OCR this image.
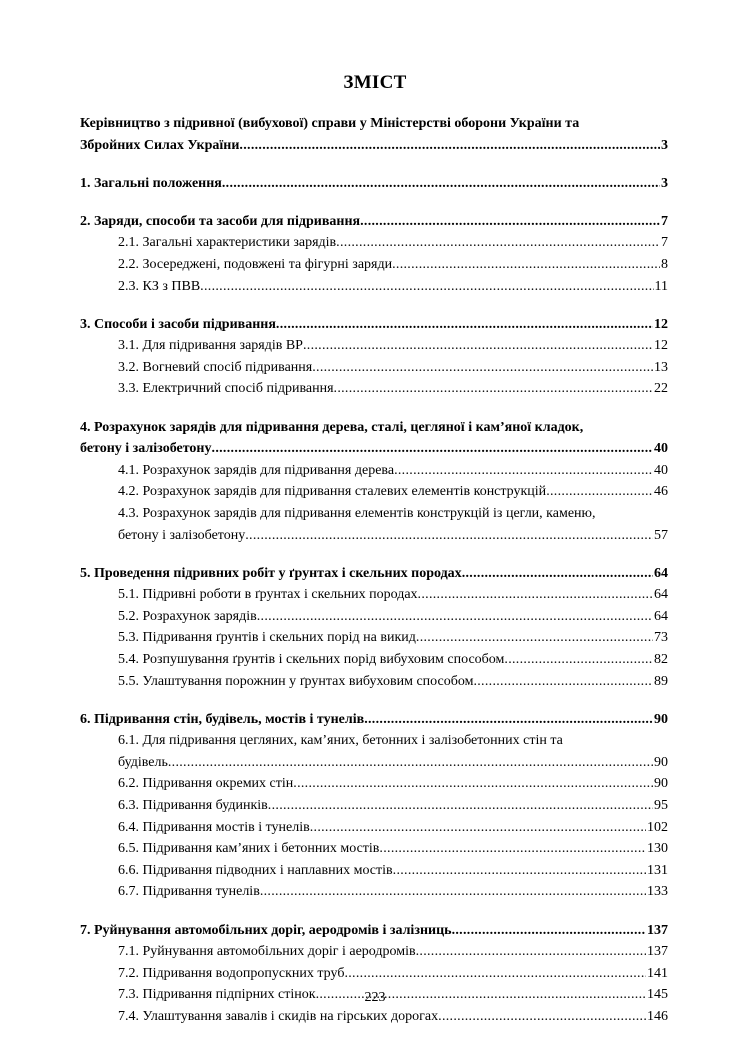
ЗМІСТ
Керівництво з підривної (вибухової) справи у Міністерстві оборони України та
Збройних Силах України . . .	3
1. Загальні положення . . .	3
2. Заряди, способи та засоби для підривання . . .	7
2.1. Загальні характеристики зарядів . . .	7
2.2. Зосереджені, подовжені та фігурні заряди . . .	8
2.3. КЗ з ПВВ . . .	11
3. Способи і засоби підривання . . .	12
3.1. Для підривання зарядів ВР . . .	12
3.2. Вогневий спосіб підривання . . .	13
3.3. Електричний спосіб підривання . . .	22
4. Розрахунок зарядів для підривання дерева, сталі, цегляної і кам’яної кладок,
бетону і залізобетону . . .	40
4.1. Розрахунок зарядів для підривання дерева . . .	40
4.2. Розрахунок зарядів для підривання сталевих елементів конструкцій . . .	46
4.3. Розрахунок зарядів для підривання елементів конструкцій із цегли, каменю,
бетону і залізобетону . . .	57
5. Проведення підривних робіт у ґрунтах і скельних породах . . .	64
5.1. Підривні роботи в ґрунтах і скельних породах . . .	64
5.2. Розрахунок зарядів . . .	64
5.3. Підривання ґрунтів і скельних порід на викид . . .	73
5.4. Розпушування ґрунтів і скельних порід вибуховим способом . . .	82
5.5. Улаштування порожнин у ґрунтах вибуховим способом . . .	89
6. Підривання стін, будівель, мостів і тунелів . . .	90
6.1. Для підривання цегляних, кам’яних, бетонних і залізобетонних стін та
будівель . . .	90
6.2. Підривання окремих стін . . .	90
6.3. Підривання будинків . . .	95
6.4. Підривання мостів і тунелів . . .	102
6.5. Підривання кам’яних і бетонних мостів . . .	130
6.6. Підривання підводних і наплавних мостів . . .	131
6.7. Підривання тунелів . . .	133
7. Руйнування автомобільних доріг, аеродромів і залізниць . . .	137
7.1. Руйнування автомобільних доріг і аеродромів . . .	137
7.2. Підривання водопропускних труб . . .	141
7.3. Підривання підпірних стінок . . .	145
7.4. Улаштування завалів і скидів на гірських дорогах . . .	146
223
